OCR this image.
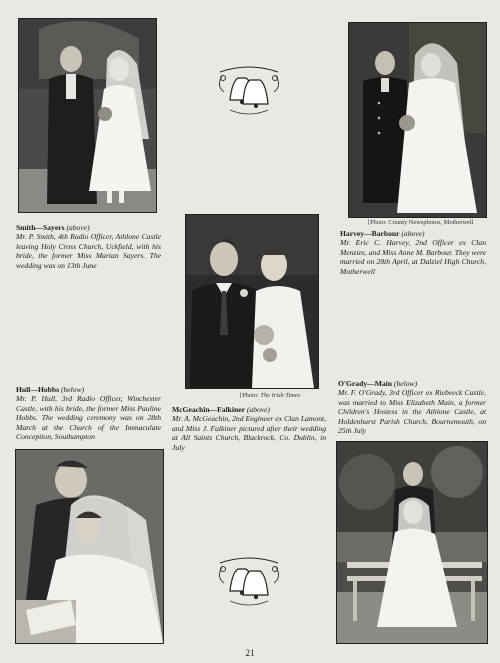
[Photo: County Newsphotos, Motherwell
Smith—Sayers (above)
Mr. P. Smith, 4th Radio Officer, Athlone Castle leaving Holy Cross Church, Uckfield, with his bride, the former Miss Marian Sayers. The wedding was on 13th June
[Photo: The Irish Times
Harvey—Barbour (above)
Mr. Eric C. Harvey, 2nd Officer ex Clan Menzies, and Miss Anne M. Barbour. They were married on 28th April, at Dalziel High Church, Motherwell
Hull—Hobbs (below)
Mr. P. Hull, 3rd Radio Officer, Winchester Castle, with his bride, the former Miss Pauline Hobbs. The wedding ceremony was on 28th March at the Church of the Immaculate Conception, Southampton
McGeachin—Falkiner (above)
Mr. A. McGeachin, 2nd Engineer ex Clan Lamont, and Miss J. Falkiner pictured after their wedding at All Saints Church, Blackrock, Co. Dublin, in July
O'Grady—Main (below)
Mr. F. O'Grady, 3rd Officer ex Riebeeck Castle, was married to Miss Elizabeth Main, a former Children's Hostess in the Athlone Castle, at Holdenhurst Parish Church, Bournemouth, on 25th July
21
